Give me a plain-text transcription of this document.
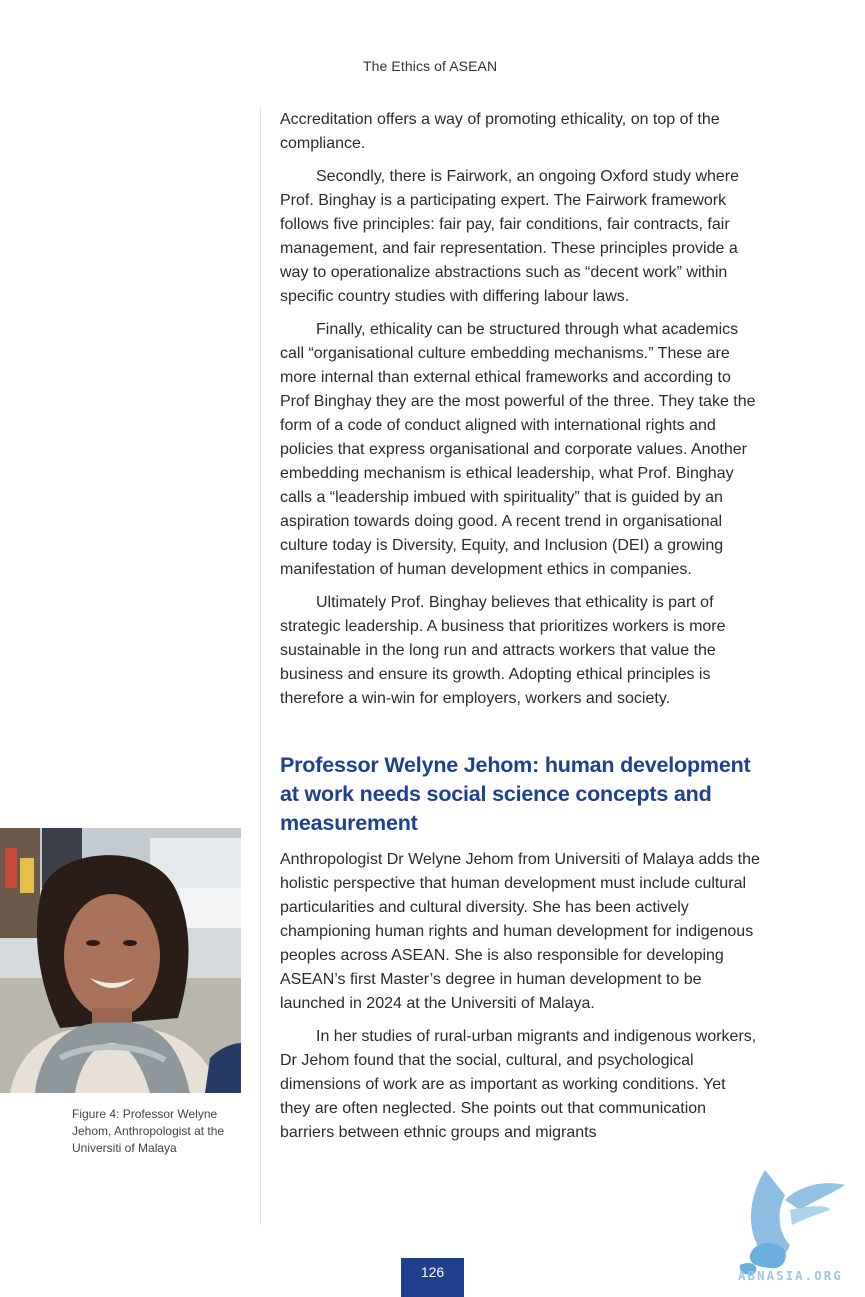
The Ethics of ASEAN

Accreditation offers a way of promoting ethicality, on top of the compliance.

Secondly, there is Fairwork, an ongoing Oxford study where Prof. Binghay is a participating expert. The Fairwork framework follows five principles: fair pay, fair conditions, fair contracts, fair management, and fair representation. These principles provide a way to operationalize abstractions such as “decent work” within specific country studies with differing labour laws.

Finally, ethicality can be structured through what academics call “organisational culture embedding mechanisms.” These are more internal than external ethical frameworks and according to Prof Binghay they are the most powerful of the three. They take the form of a code of conduct aligned with international rights and policies that express organisational and corporate values. Another embedding mechanism is ethical leadership, what Prof. Binghay calls a “leadership imbued with spirituality” that is guided by an aspiration towards doing good. A recent trend in organisational culture today is Diversity, Equity, and Inclusion (DEI) a growing manifestation of human development ethics in companies.

Ultimately Prof. Binghay believes that ethicality is part of strategic leadership. A business that prioritizes workers is more sustainable in the long run and attracts workers that value the business and ensure its growth. Adopting ethical principles is therefore a win-win for employers, workers and society.

Professor Welyne Jehom: human development at work needs social science concepts and measurement

Anthropologist Dr Welyne Jehom from Universiti of Malaya adds the holistic perspective that human development must include cultural particularities and cultural diversity. She has been actively championing human rights and human development for indigenous peoples across ASEAN. She is also responsible for developing ASEAN’s first Master’s degree in human development to be launched in 2024 at the Universiti of Malaya.

In her studies of rural-urban migrants and indigenous workers, Dr Jehom found that the social, cultural, and psychological dimensions of work are as important as working conditions. Yet they are often neglected. She points out that communication barriers between ethnic groups and migrants

Figure 4: Professor Welyne Jehom, Anthropologist at the Universiti of Malaya
126	ABNASIA.ORG
